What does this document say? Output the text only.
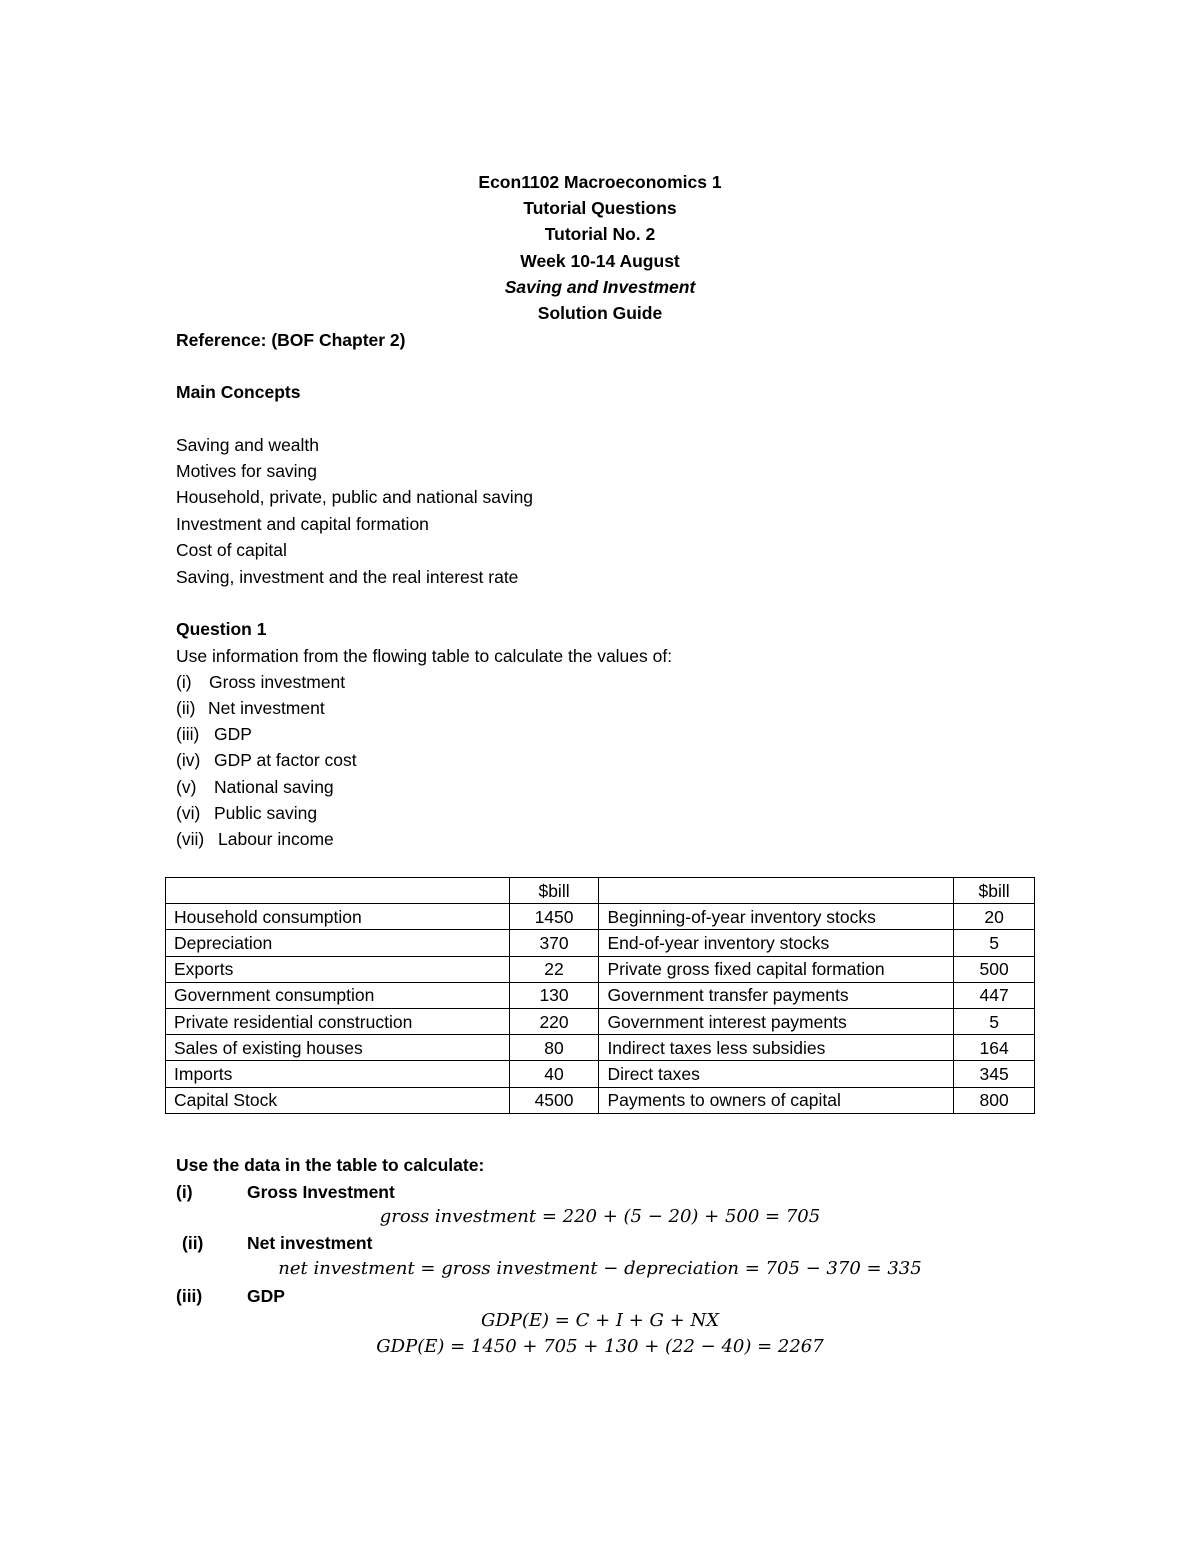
Econ1102 Macroeconomics 1
Tutorial Questions
Tutorial No. 2
Week 10-14 August
Saving and Investment
Solution Guide
Reference: (BOF Chapter 2)
Main Concepts
Saving and wealth
Motives for saving
Household, private, public and national saving
Investment and capital formation
Cost of capital
Saving, investment and the real interest rate
Question 1
Use information from the flowing table to calculate the values of:
(i) Gross investment
(ii) Net investment
(iii) GDP
(iv) GDP at factor cost
(v) National saving
(vi) Public saving
(vii) Labour income
	$bill		$bill
Household consumption	1450	Beginning-of-year inventory stocks	20
Depreciation	370	End-of-year inventory stocks	5
Exports	22	Private gross fixed capital formation	500
Government consumption	130	Government transfer payments	447
Private residential construction	220	Government interest payments	5
Sales of existing houses	80	Indirect taxes less subsidies	164
Imports	40	Direct taxes	345
Capital Stock	4500	Payments to owners of capital	800
Use the data in the table to calculate:
(i)	Gross Investment
gross investment = 220 + (5 − 20) + 500 = 705
(ii) Net investment
net investment = gross investment − depreciation = 705 − 370 = 335
(iii)	GDP
GDP(E) = C + I + G + NX
GDP(E) = 1450 + 705 + 130 + (22 − 40) = 2267
